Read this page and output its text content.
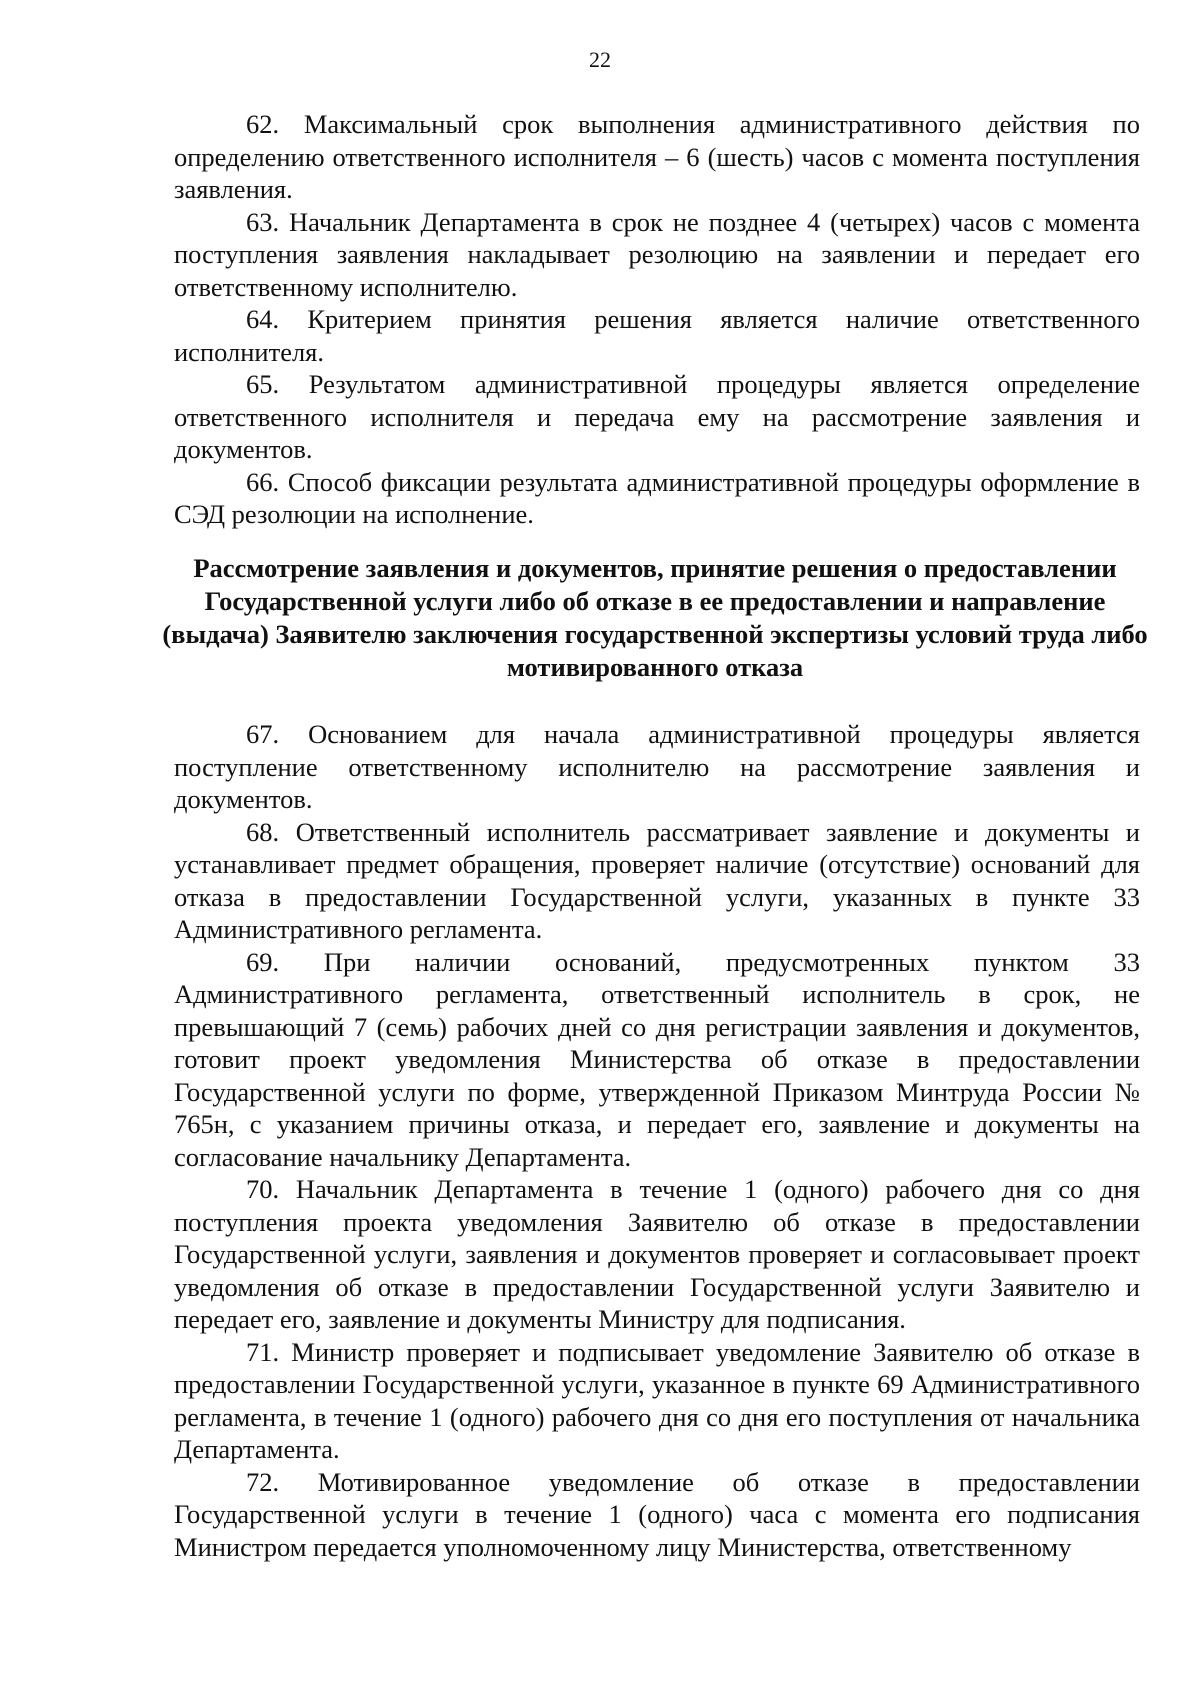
22

62. Максимальный срок выполнения административного действия по определению ответственного исполнителя – 6 (шесть) часов с момента поступления заявления.

63. Начальник Департамента в срок не позднее 4 (четырех) часов с момента поступления заявления накладывает резолюцию на заявлении и передает его ответственному исполнителю.

64. Критерием принятия решения является наличие ответственного исполнителя.

65. Результатом административной процедуры является определение ответственного исполнителя и передача ему на рассмотрение заявления и документов.

66. Способ фиксации результата административной процедуры оформление в СЭД резолюции на исполнение.

Рассмотрение заявления и документов, принятие решения о предоставлении Государственной услуги либо об отказе в ее предоставлении и направление (выдача) Заявителю заключения государственной экспертизы условий труда либо мотивированного отказа

67. Основанием для начала административной процедуры является поступление ответственному исполнителю на рассмотрение заявления и документов.

68. Ответственный исполнитель рассматривает заявление и документы и устанавливает предмет обращения, проверяет наличие (отсутствие) оснований для отказа в предоставлении Государственной услуги, указанных в пункте 33 Административного регламента.

69. При наличии оснований, предусмотренных пунктом 33 Административного регламента, ответственный исполнитель в срок, не превышающий 7 (семь) рабочих дней со дня регистрации заявления и документов, готовит проект уведомления Министерства об отказе в предоставлении Государственной услуги по форме, утвержденной Приказом Минтруда России № 765н, с указанием причины отказа, и передает его, заявление и документы на согласование начальнику Департамента.

70. Начальник Департамента в течение 1 (одного) рабочего дня со дня поступления проекта уведомления Заявителю об отказе в предоставлении Государственной услуги, заявления и документов проверяет и согласовывает проект уведомления об отказе в предоставлении Государственной услуги Заявителю и передает его, заявление и документы Министру для подписания.

71. Министр проверяет и подписывает уведомление Заявителю об отказе в предоставлении Государственной услуги, указанное в пункте 69 Административного регламента, в течение 1 (одного) рабочего дня со дня его поступления от начальника Департамента.

72. Мотивированное уведомление об отказе в предоставлении Государственной услуги в течение 1 (одного) часа с момента его подписания Министром передается уполномоченному лицу Министерства, ответственному
